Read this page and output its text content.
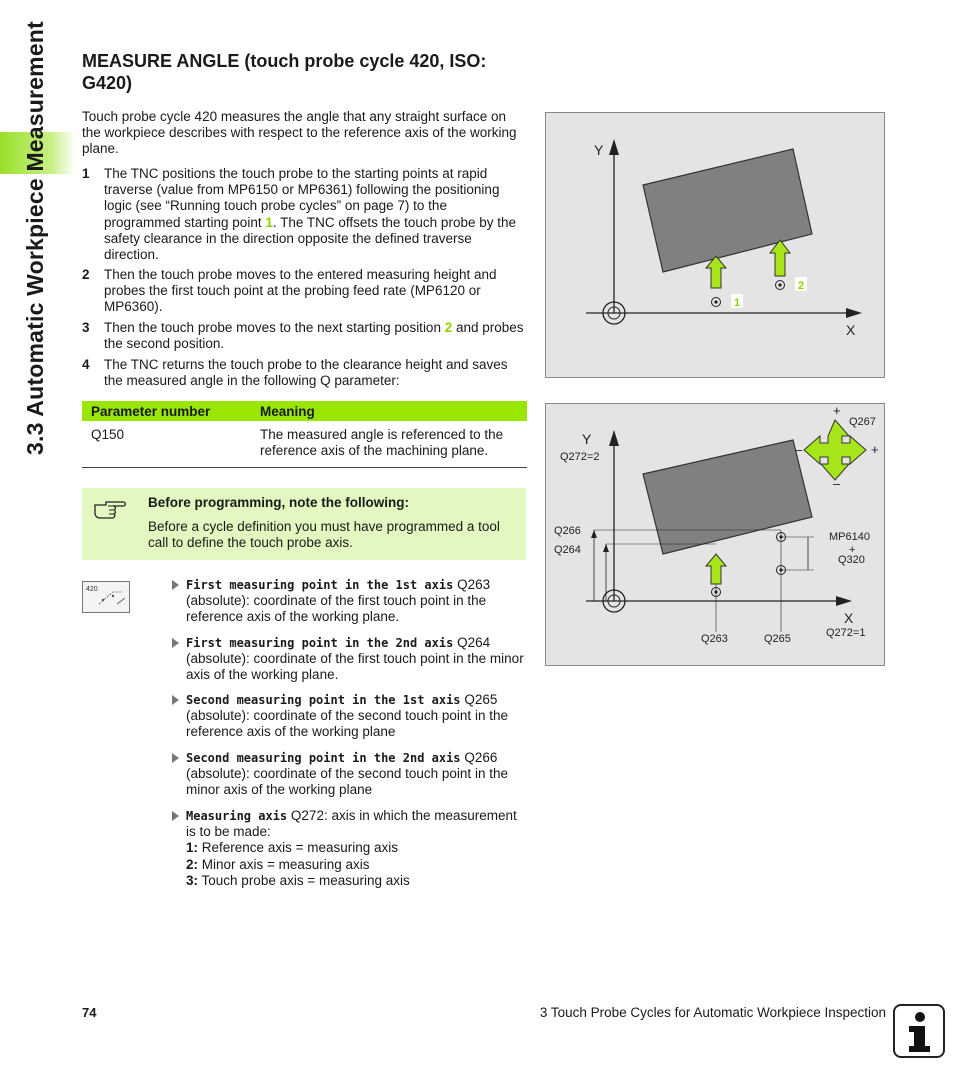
3.3 Automatic Workpiece Measurement MEASURE ANGLE (touch probe cycle 420, ISO: G420)

Touch probe cycle 420 measures the angle that any straight surface on the workpiece describes with respect to the reference axis of the working plane.

1 The TNC positions the touch probe to the starting points at rapid traverse (value from MP6150 or MP6361) following the positioning logic (see “Running touch probe cycles” on page 7) to the programmed starting point 1. The TNC offsets the touch probe by the safety clearance in the direction opposite the defined traverse direction.
2 Then the touch probe moves to the entered measuring height and probes the first touch point at the probing feed rate (MP6120 or MP6360).
3 Then the touch probe moves to the next starting position 2 and probes the second position.
4 The TNC returns the touch probe to the clearance height and saves the measured angle in the following Q parameter:
Parameter number	Meaning
Q150	The measured angle is referenced to the reference axis of the machining plane.
Before programming, note the following:
Before a cycle definition you must have programmed a tool call to define the touch probe axis.
420	First measuring point in the 1st axis Q263 (absolute): coordinate of the first touch point in the reference axis of the working plane.
First measuring point in the 2nd axis Q264 (absolute): coordinate of the first touch point in the minor axis of the working plane.
Second measuring point in the 1st axis Q265 (absolute): coordinate of the second touch point in the reference axis of the working plane
Second measuring point in the 2nd axis Q266 (absolute): coordinate of the second touch point in the minor axis of the working plane
Measuring axis Q272: axis in which the measurement is to be made:
1: Reference axis = measuring axis
2: Minor axis = measuring axis
3: Touch probe axis = measuring axis
Y
X
1
2
Y
X
Q272=2
Q272=1
Q266
Q264
Q263	Q265
MP6140
+
Q320
+
Q267
–	+
–
74	3 Touch Probe Cycles for Automatic Workpiece Inspection
